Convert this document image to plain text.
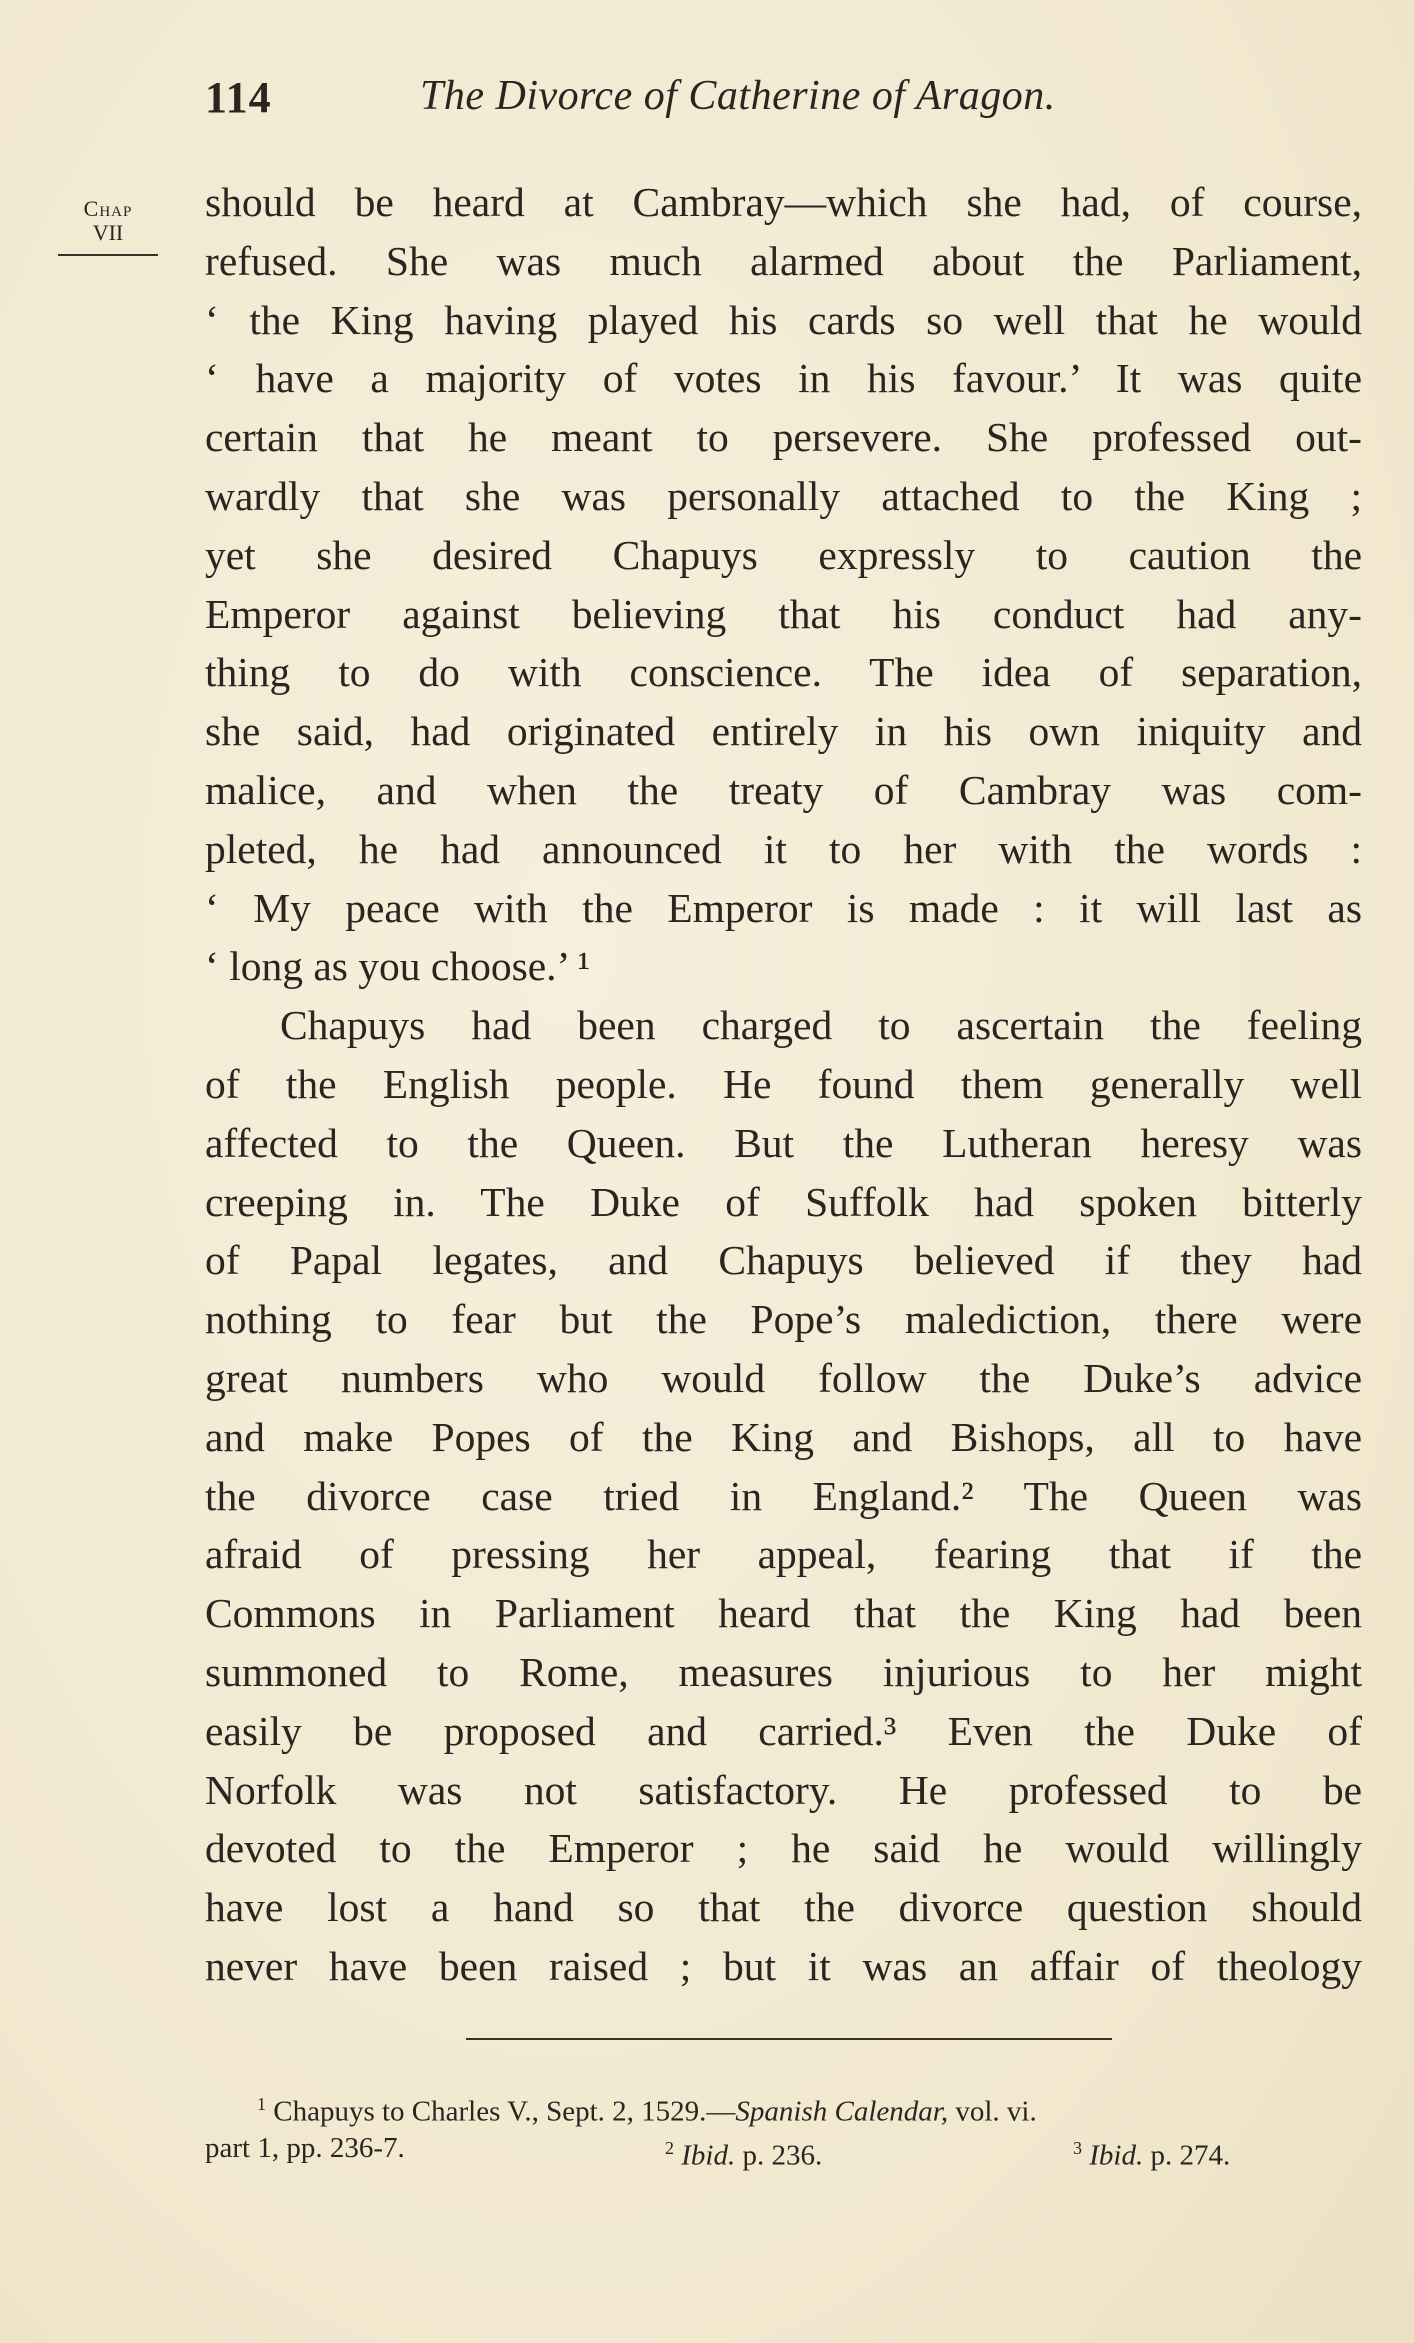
114	The Divorce of Catherine of Aragon.
Chap
VII
should be heard at Cambray—which she had, of course,
refused. She was much alarmed about the Parliament,
‘ the King having played his cards so well that he would
‘ have a majority of votes in his favour.’ It was quite
certain that he meant to persevere. She professed out-
wardly that she was personally attached to the King ;
yet she desired Chapuys expressly to caution the
Emperor against believing that his conduct had any-
thing to do with conscience. The idea of separation,
she said, had originated entirely in his own iniquity and
malice, and when the treaty of Cambray was com-
pleted, he had announced it to her with the words :
‘ My peace with the Emperor is made : it will last as
‘ long as you choose.’ ¹
Chapuys had been charged to ascertain the feeling
of the English people. He found them generally well
affected to the Queen. But the Lutheran heresy was
creeping in. The Duke of Suffolk had spoken bitterly
of Papal legates, and Chapuys believed if they had
nothing to fear but the Pope’s malediction, there were
great numbers who would follow the Duke’s advice
and make Popes of the King and Bishops, all to have
the divorce case tried in England.² The Queen was
afraid of pressing her appeal, fearing that if the
Commons in Parliament heard that the King had been
summoned to Rome, measures injurious to her might
easily be proposed and carried.³ Even the Duke of
Norfolk was not satisfactory. He professed to be
devoted to the Emperor ; he said he would willingly
have lost a hand so that the divorce question should
never have been raised ; but it was an affair of theology
$^1$ Chapuys to Charles V., Sept. 2, 1529.—Spanish Calendar, vol. vi.
part 1, pp. 236-7.	$^2$ Ibid. p. 236.	$^3$ Ibid. p. 274.
